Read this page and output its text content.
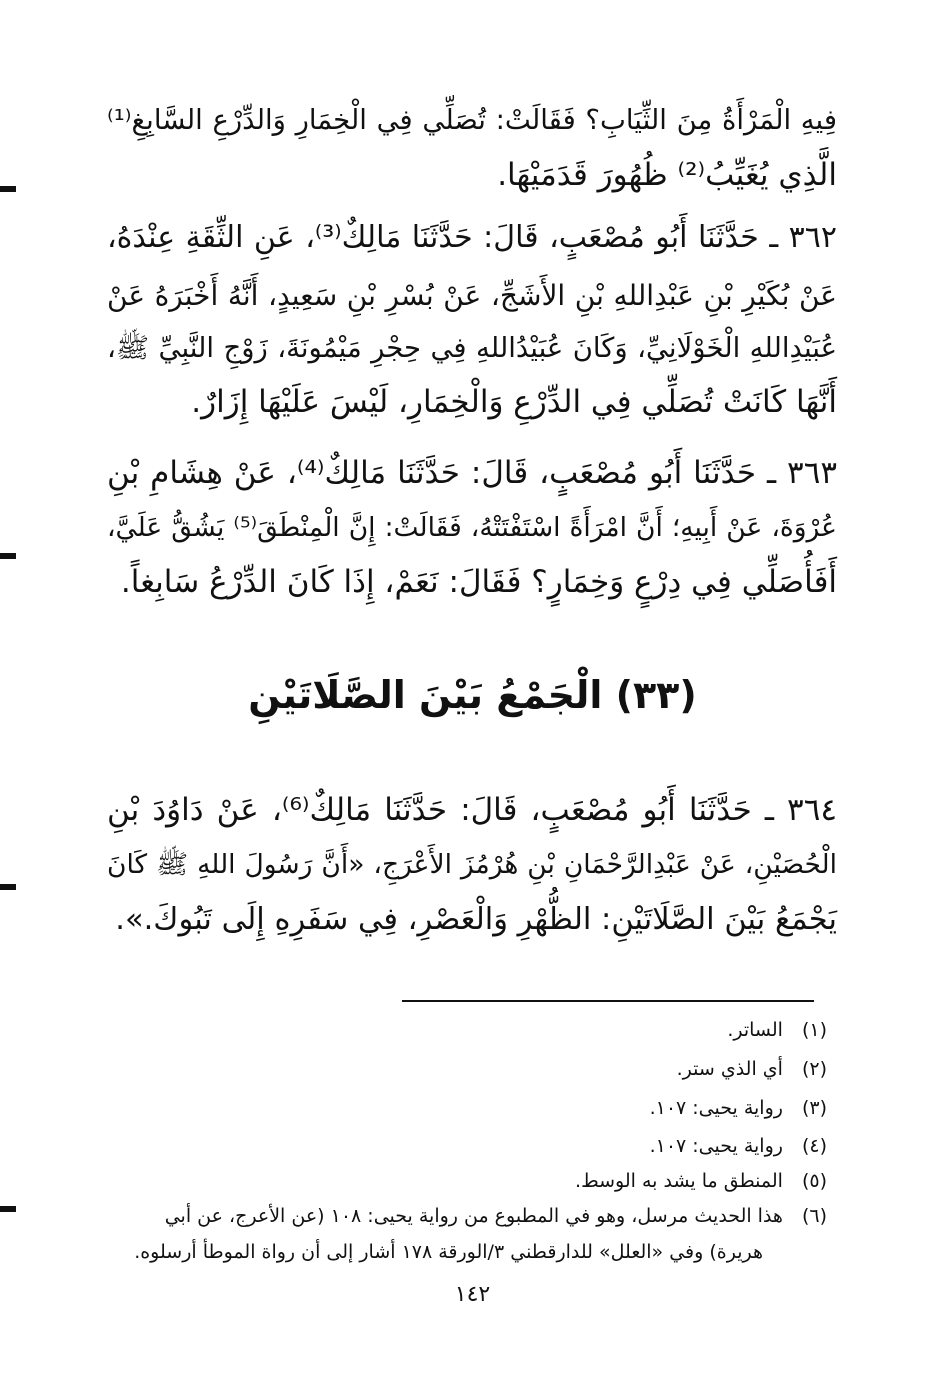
فِيهِ الْمَرْأَةُ مِنَ الثِّيَابِ؟ فَقَالَتْ: تُصَلِّي فِي الْخِمَارِ وَالدِّرْعِ السَّابِغِ⁽¹⁾
الَّذِي يُغَيِّبُ⁽²⁾ ظُهُورَ قَدَمَيْهَا.
٣٦٢ ـ حَدَّثَنَا أَبُو مُصْعَبٍ، قَالَ: حَدَّثَنَا مَالِكٌ⁽³⁾، عَنِ الثِّقَةِ عِنْدَهُ،
عَنْ بُكَيْرِ بْنِ عَبْدِاللهِ بْنِ الأَشَجِّ، عَنْ بُسْرِ بْنِ سَعِيدٍ، أَنَّهُ أَخْبَرَهُ عَنْ
عُبَيْدِاللهِ الْخَوْلَانِيِّ، وَكَانَ عُبَيْدُاللهِ فِي حِجْرِ مَيْمُونَةَ، زَوْجِ النَّبِيِّ ﷺ،
أَنَّهَا كَانَتْ تُصَلِّي فِي الدِّرْعِ وَالْخِمَارِ، لَيْسَ عَلَيْهَا إِزَارٌ.
٣٦٣ ـ حَدَّثَنَا أَبُو مُصْعَبٍ، قَالَ: حَدَّثَنَا مَالِكٌ⁽⁴⁾، عَنْ هِشَامِ بْنِ
عُرْوَةَ، عَنْ أَبِيهِ؛ أَنَّ امْرَأَةً اسْتَفْتَتْهُ، فَقَالَتْ: إِنَّ الْمِنْطَقَ⁽⁵⁾ يَشُقُّ عَلَيَّ،
أَفَأُصَلِّي فِي دِرْعٍ وَخِمَارٍ؟ فَقَالَ: نَعَمْ، إِذَا كَانَ الدِّرْعُ سَابِغاً.
(٣٣) الْجَمْعُ بَيْنَ الصَّلَاتَيْنِ
٣٦٤ ـ حَدَّثَنَا أَبُو مُصْعَبٍ، قَالَ: حَدَّثَنَا مَالِكٌ⁽⁶⁾، عَنْ دَاوُدَ بْنِ
الْحُصَيْنِ، عَنْ عَبْدِالرَّحْمَانِ بْنِ هُرْمُزَ الأَعْرَجِ، «أَنَّ رَسُولَ اللهِ ﷺ كَانَ
يَجْمَعُ بَيْنَ الصَّلَاتَيْنِ: الظُّهْرِ وَالْعَصْرِ، فِي سَفَرِهِ إِلَى تَبُوكَ.».
(١) الساتر.
(٢) أي الذي ستر.
(٣) رواية يحيى: ١٠٧.
(٤) رواية يحيى: ١٠٧.
(٥) المنطق ما يشد به الوسط.
(٦) هذا الحديث مرسل، وهو في المطبوع من رواية يحيى: ١٠٨ (عن الأعرج، عن أبي
هريرة) وفي «العلل» للدارقطني ٣/الورقة ١٧٨ أشار إلى أن رواة الموطأ أرسلوه.
١٤٢
